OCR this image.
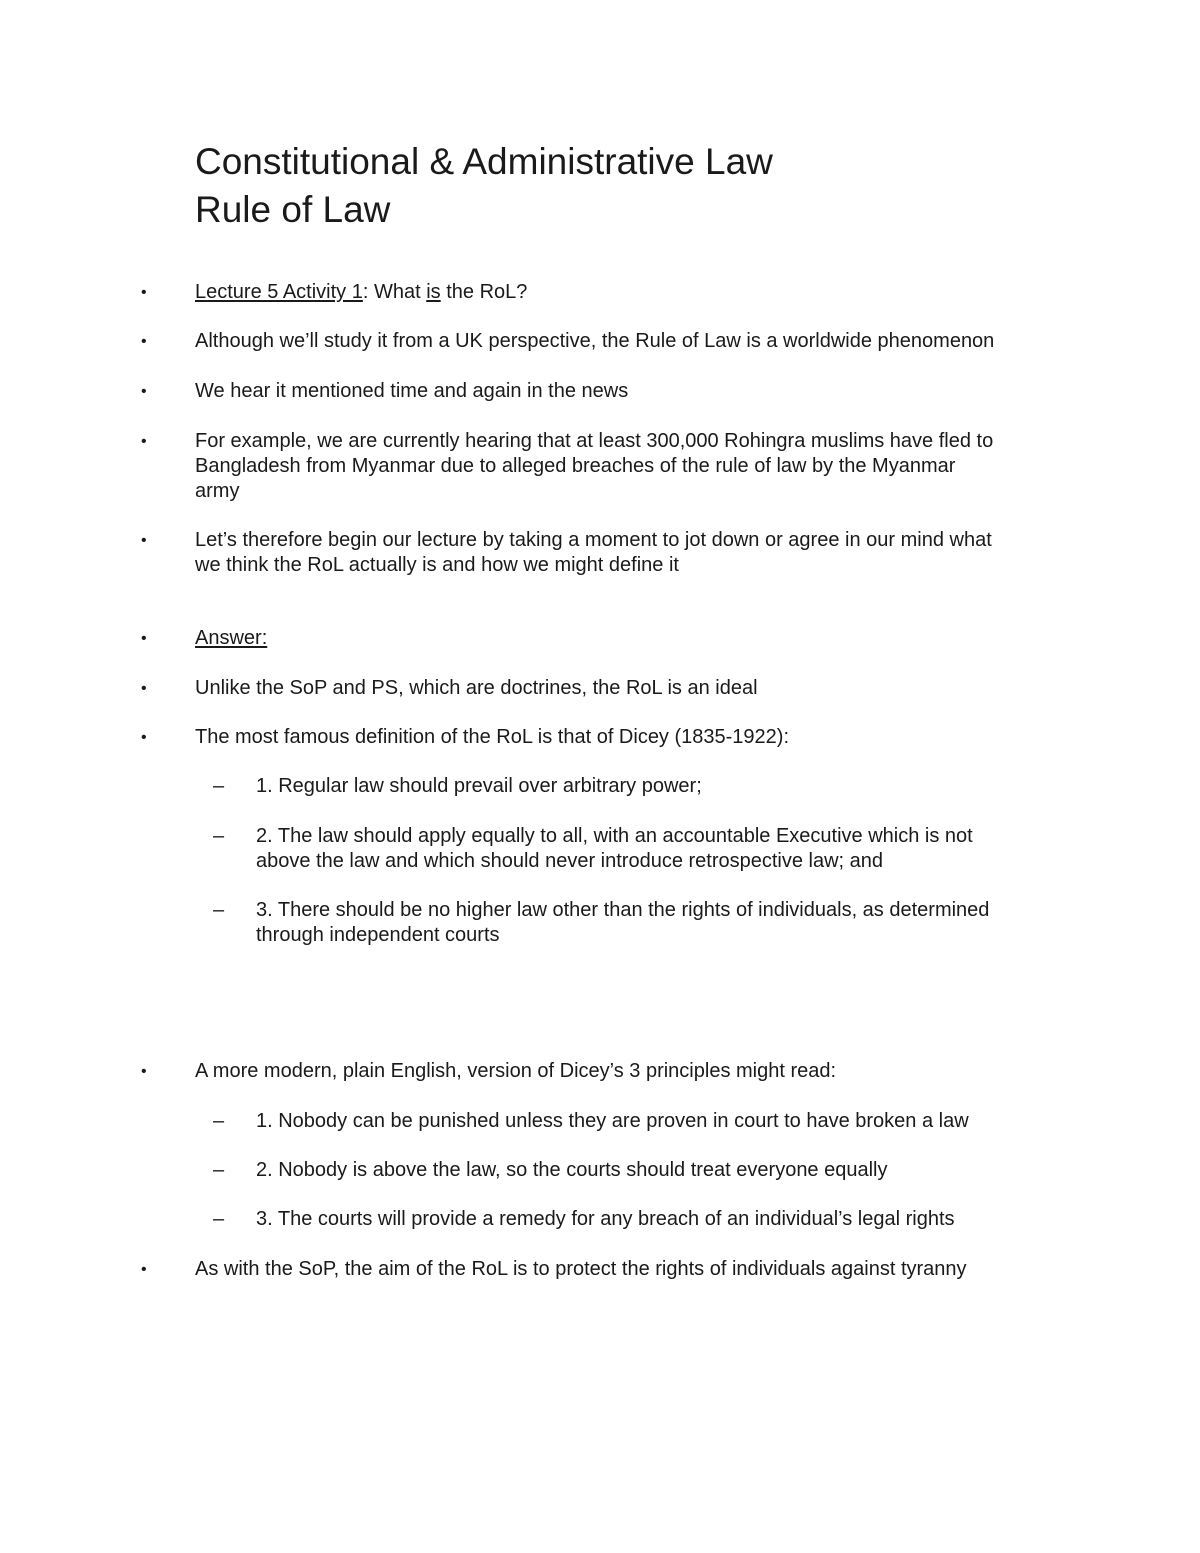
Constitutional & Administrative Law

Rule of Law

• Lecture 5 Activity 1: What is the RoL?
• Although we’ll study it from a UK perspective, the Rule of Law is a worldwide phenomenon
• We hear it mentioned time and again in the news
• For example, we are currently hearing that at least 300,000 Rohingra muslims have fled to
Bangladesh from Myanmar due to alleged breaches of the rule of law by the Myanmar
army
• Let’s therefore begin our lecture by taking a moment to jot down or agree in our mind what
we think the RoL actually is and how we might define it
• Answer:
• Unlike the SoP and PS, which are doctrines, the RoL is an ideal
• The most famous definition of the RoL is that of Dicey (1835-1922):
– 1. Regular law should prevail over arbitrary power;
– 2. The law should apply equally to all, with an accountable Executive which is not
above the law and which should never introduce retrospective law; and
– 3. There should be no higher law other than the rights of individuals, as determined
through independent courts
• A more modern, plain English, version of Dicey’s 3 principles might read:
– 1. Nobody can be punished unless they are proven in court to have broken a law
– 2. Nobody is above the law, so the courts should treat everyone equally
– 3. The courts will provide a remedy for any breach of an individual’s legal rights
• As with the SoP, the aim of the RoL is to protect the rights of individuals against tyranny
